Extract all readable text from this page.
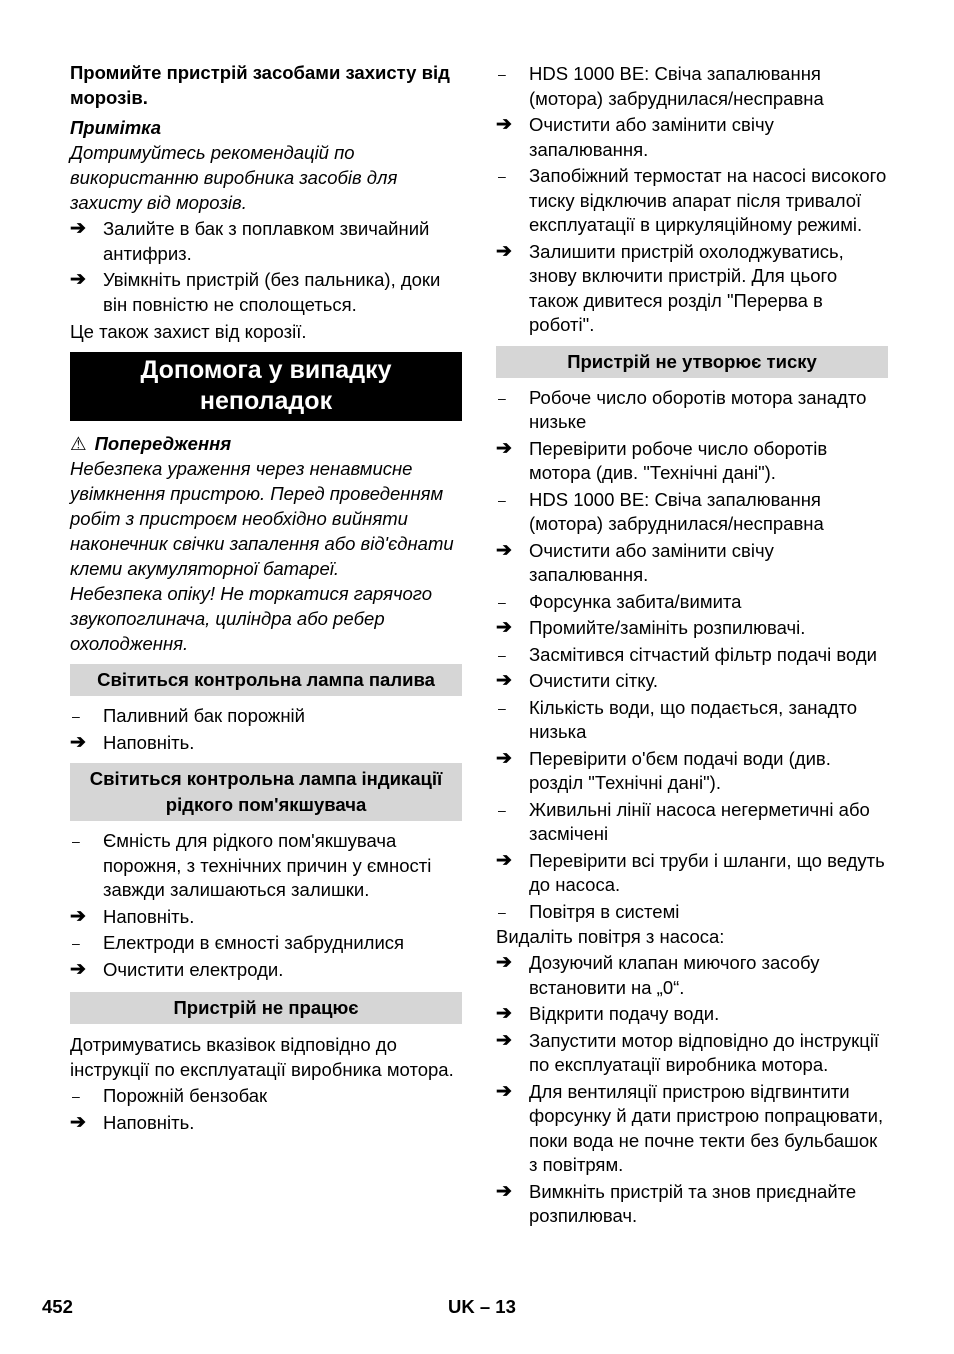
Промийте пристрій засобами захисту від морозів.

Примітка

Дотримуйтесь рекомендацій по використанню виробника засобів для захисту від морозів.

➔ Залийте в бак з поплавком звичайний антифриз.
➔ Увімкніть пристрій (без пальника), доки він повністю не сполощеться.

Це також захист від корозії.

Допомога у випадку неполадок

⚠ Попередження

Небезпека ураження через ненавмисне увімкнення пристрою. Перед проведенням робіт з пристроєм необхідно вийняти наконечник свічки запалення або від'єднати клеми акумуляторної батареї.

Небезпека опіку! Не торкатися гарячого звукопоглинача, циліндра або ребер охолодження.

Світиться контрольна лампа палива
–	Паливний бак порожній
➔ Наповніть.
Світиться контрольна лампа індикації рідкого пом'якшувача
–	Ємність для рідкого пом'якшувача порожня, з технічних причин у ємності завжди залишаються залишки.
➔ Наповніть.
–	Електроди в ємності забруднилися
➔ Очистити електроди.
Пристрій не працює

Дотримуватись вказівок відповідно до інструкції по експлуатації виробника мотора.

–	Порожній бензобак
➔ Наповніть.
–	HDS 1000 BE: Свіча запалювання (мотора) забруднилася/несправна
➔ Очистити або замінити свічу запалювання.
–	Запобіжний термостат на насосі високого тиску відключив апарат після тривалої експлуатації в циркуляційному режимі.
➔ Залишити пристрій охолоджуватись, знову включити пристрій. Для цього також дивитеся розділ "Перерва в роботі".
Пристрій не утворює тиску
–	Робоче число оборотів мотора занадто низьке
➔ Перевірити робоче число оборотів мотора (див. "Технічні дані").
–	HDS 1000 BE: Свіча запалювання (мотора) забруднилася/несправна
➔ Очистити або замінити свічу запалювання.
–	Форсунка забита/вимита
➔ Промийте/замініть розпилювачі.
–	Засмітився сітчастий фільтр подачі води
➔ Очистити сітку.
–	Кількість води, що подається, занадто низька
➔ Перевірити о'бєм подачі води (див. розділ "Технічні дані").
–	Живильні лінії насоса негерметичні або засмічені
➔ Перевірити всі труби і шланги, що ведуть до насоса.
–	Повітря в системі

Видаліть повітря з насоса:

➔ Дозуючий клапан миючого засобу встановити на „0“.
➔ Відкрити подачу води.
➔ Запустити мотор відповідно до інструкції по експлуатації виробника мотора.
➔ Для вентиляції пристрою відгвинтити форсунку й дати пристрою попрацювати, поки вода не почне текти без бульбашок з повітрям.
➔ Вимкніть пристрій та знов приєднайте розпилювач.
452	UK – 13
